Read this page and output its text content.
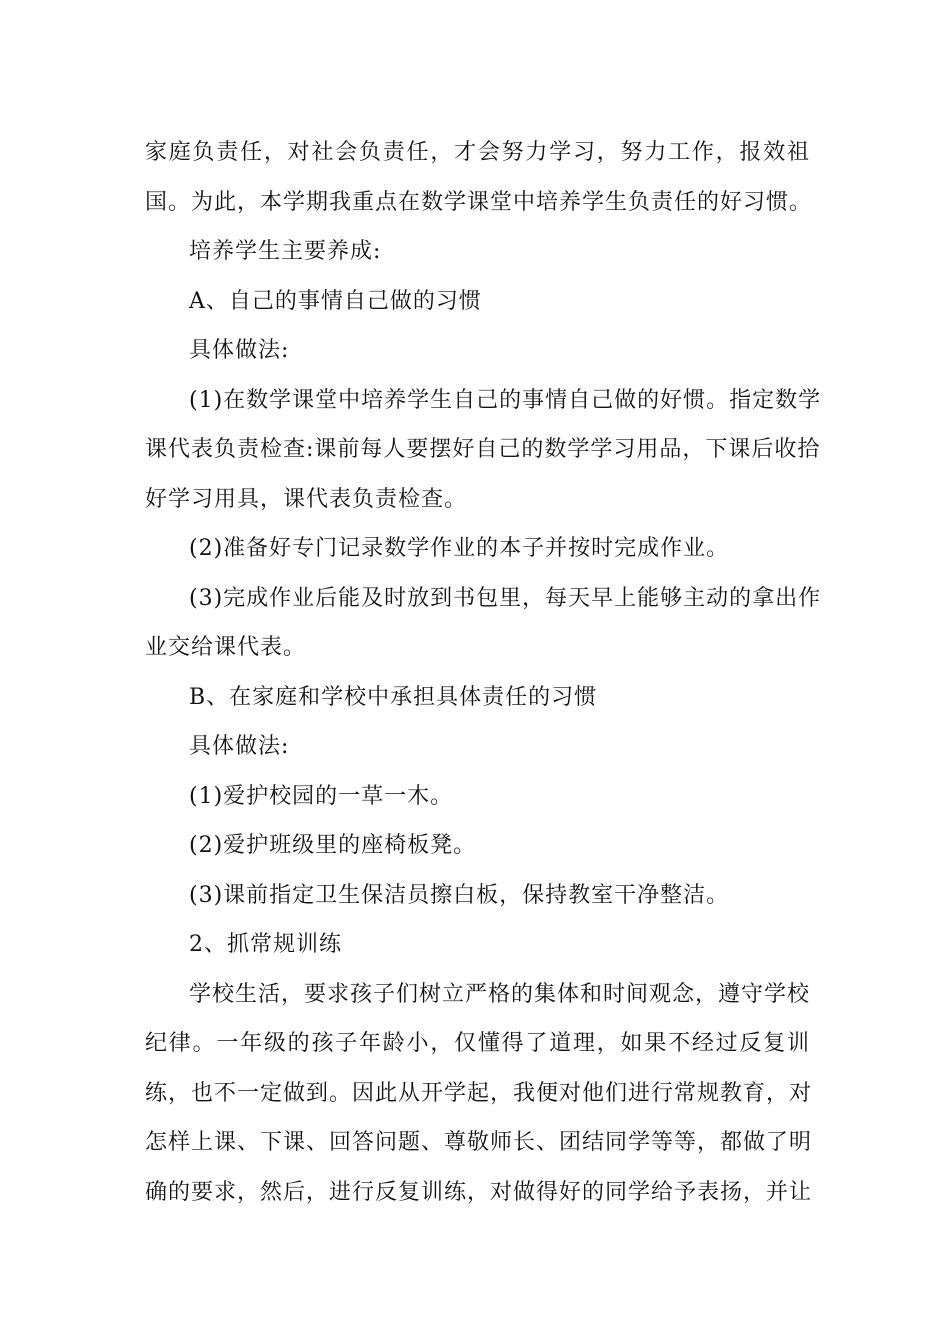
家庭负责任，对社会负责任，才会努力学习，努力工作，报效祖
国。为此，本学期我重点在数学课堂中培养学生负责任的好习惯。
培养学生主要养成:
A、自己的事情自己做的习惯
具体做法:
(1)在数学课堂中培养学生自己的事情自己做的好惯。指定数学
课代表负责检查:课前每人要摆好自己的数学学习用品，下课后收拾
好学习用具，课代表负责检查。
(2)准备好专门记录数学作业的本子并按时完成作业。
(3)完成作业后能及时放到书包里，每天早上能够主动的拿出作
业交给课代表。
B、在家庭和学校中承担具体责任的习惯
具体做法:
(1)爱护校园的一草一木。
(2)爱护班级里的座椅板凳。
(3)课前指定卫生保洁员擦白板，保持教室干净整洁。
2、抓常规训练
学校生活，要求孩子们树立严格的集体和时间观念，遵守学校
纪律。一年级的孩子年龄小，仅懂得了道理，如果不经过反复训
练，也不一定做到。因此从开学起，我便对他们进行常规教育，对
怎样上课、下课、回答问题、尊敬师长、团结同学等等，都做了明
确的要求，然后，进行反复训练，对做得好的同学给予表扬，并让
